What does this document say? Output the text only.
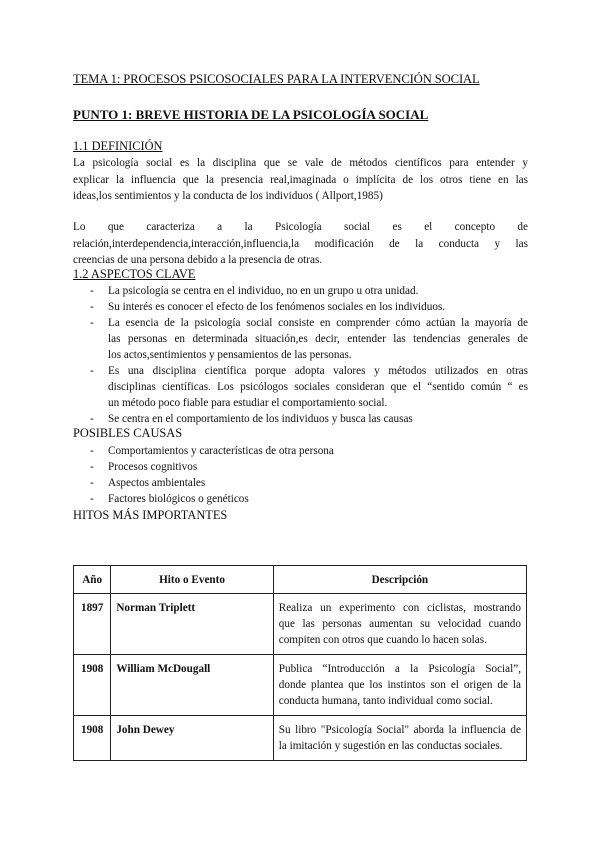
TEMA 1: PROCESOS PSICOSOCIALES PARA LA INTERVENCIÓN SOCIAL
PUNTO 1: BREVE HISTORIA DE LA PSICOLOGÍA SOCIAL
1.1 DEFINICIÓN
La psicología social es la disciplina que se vale de métodos científicos para entender y
explicar la influencia que la presencia real,imaginada o implícita de los otros tiene en las
ideas,los sentimientos y la conducta de los individuos ( Allport,1985)
Lo      que      caracteriza      a      la      Psicología      social      es      el      concepto      de
relación,interdependencia,interacción,influencia,la modificación de la conducta y las
creencias de una persona debido a la presencia de otras.
1.2 ASPECTOS CLAVE
- La psicología se centra en el individuo, no en un grupo u otra unidad.
- Su interés es conocer el efecto de los fenómenos sociales en los individuos.
- La esencia de la psicología social consiste en comprender cómo actúan la mayoría de
las personas en determinada situación,es decir, entender las tendencias generales de
los actos,sentimientos y pensamientos de las personas.
- Es una disciplina científica porque adopta valores y métodos utilizados en otras
disciplinas científicas. Los psicólogos sociales consideran que el “sentido común “ es
un método poco fiable para estudiar el comportamiento social.
- Se centra en el comportamiento de los individuos y busca las causas
POSIBLES CAUSAS
- Comportamientos y características de otra persona
- Procesos cognitivos
- Aspectos ambientales
- Factores biológicos o genéticos
HITOS MÁS IMPORTANTES
Año	Hito o Evento	Descripción
1897	Norman Triplett	Realiza un experimento con ciclistas, mostrando
que las personas aumentan su velocidad cuando
compiten con otros que cuando lo hacen solas.

1908	William McDougall	Publica “Introducción a la Psicología Social”,
donde plantea que los instintos son el origen de la
conducta humana, tanto individual como social.

1908	John Dewey	Su libro "Psicología Social" aborda la influencia de
la imitación y sugestión en las conductas sociales.
